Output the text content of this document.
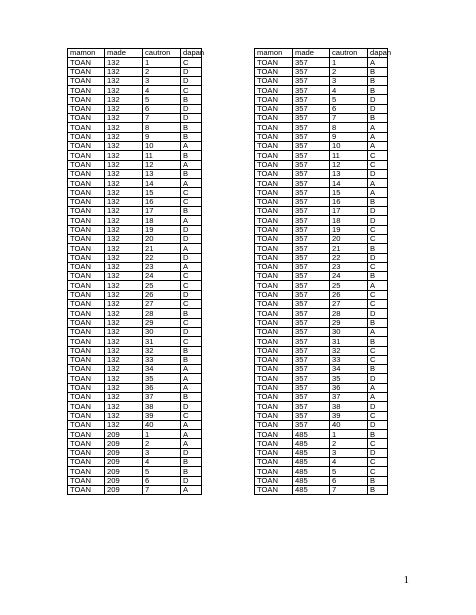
mamon	made	cautron	dapan
TOAN	132	1	C
TOAN	132	2	D
TOAN	132	3	D
TOAN	132	4	C
TOAN	132	5	B
TOAN	132	6	D
TOAN	132	7	D
TOAN	132	8	B
TOAN	132	9	B
TOAN	132	10	A
TOAN	132	11	B
TOAN	132	12	A
TOAN	132	13	B
TOAN	132	14	A
TOAN	132	15	C
TOAN	132	16	C
TOAN	132	17	B
TOAN	132	18	A
TOAN	132	19	D
TOAN	132	20	D
TOAN	132	21	A
TOAN	132	22	D
TOAN	132	23	A
TOAN	132	24	C
TOAN	132	25	C
TOAN	132	26	D
TOAN	132	27	C
TOAN	132	28	B
TOAN	132	29	C
TOAN	132	30	D
TOAN	132	31	C
TOAN	132	32	B
TOAN	132	33	B
TOAN	132	34	A
TOAN	132	35	A
TOAN	132	36	A
TOAN	132	37	B
TOAN	132	38	D
TOAN	132	39	C
TOAN	132	40	A
TOAN	209	1	A
TOAN	209	2	A
TOAN	209	3	D
TOAN	209	4	B
TOAN	209	5	B
TOAN	209	6	D
TOAN	209	7	A
mamon	made	cautron	dapan
TOAN	357	1	A
TOAN	357	2	B
TOAN	357	3	B
TOAN	357	4	B
TOAN	357	5	D
TOAN	357	6	D
TOAN	357	7	B
TOAN	357	8	A
TOAN	357	9	A
TOAN	357	10	A
TOAN	357	11	C
TOAN	357	12	C
TOAN	357	13	D
TOAN	357	14	A
TOAN	357	15	A
TOAN	357	16	B
TOAN	357	17	D
TOAN	357	18	D
TOAN	357	19	C
TOAN	357	20	C
TOAN	357	21	B
TOAN	357	22	D
TOAN	357	23	C
TOAN	357	24	B
TOAN	357	25	A
TOAN	357	26	C
TOAN	357	27	C
TOAN	357	28	D
TOAN	357	29	B
TOAN	357	30	A
TOAN	357	31	B
TOAN	357	32	C
TOAN	357	33	C
TOAN	357	34	B
TOAN	357	35	D
TOAN	357	36	A
TOAN	357	37	A
TOAN	357	38	D
TOAN	357	39	C
TOAN	357	40	D
TOAN	485	1	B
TOAN	485	2	C
TOAN	485	3	D
TOAN	485	4	C
TOAN	485	5	C
TOAN	485	6	B
TOAN	485	7	B
1
